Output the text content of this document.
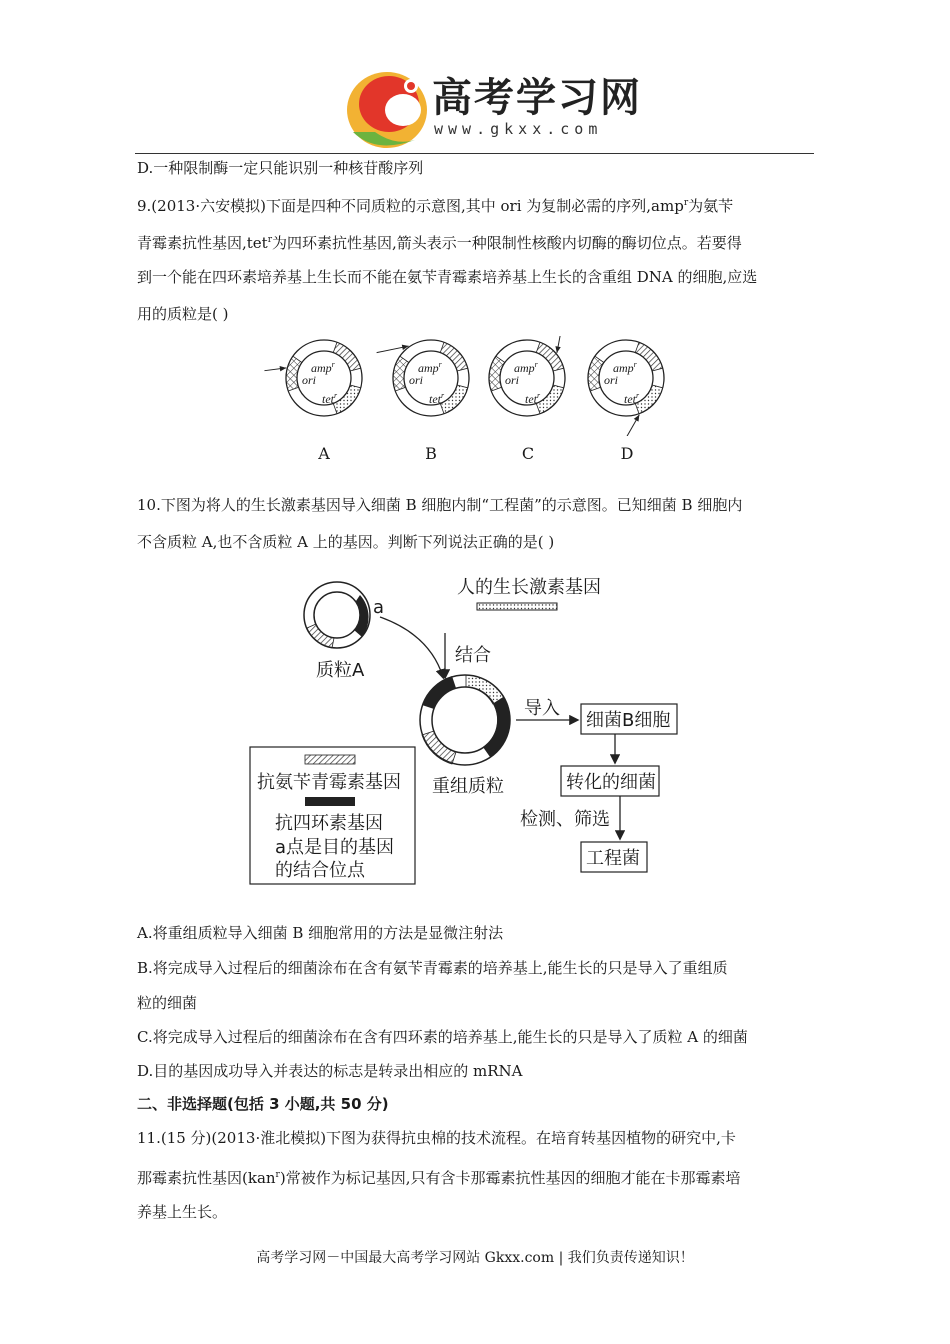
高考学习网
www.gkxx.com
D.一种限制酶一定只能识别一种核苷酸序列
9.(2013·六安模拟)下面是四种不同质粒的示意图,其中 ori 为复制必需的序列,amp$^r$为氨苄
青霉素抗性基因,tet$^r$为四环素抗性基因,箭头表示一种限制性核酸内切酶的酶切位点。若要得
到一个能在四环素培养基上生长而不能在氨苄青霉素培养基上生长的含重组 DNA 的细胞,应选
用的质粒是( )
amp$^r$
ori
tet$^r$
amp$^r$
ori
tet$^r$
amp$^r$
ori
tet$^r$
amp$^r$
ori
tet$^r$
A	B	C	D
10.下图为将人的生长激素基因导入细菌 B 细胞内制“工程菌”的示意图。已知细菌 B 细胞内
不含质粒 A,也不含质粒 A 上的基因。判断下列说法正确的是( )
a
质粒A
人的生长激素基因
结合
重组质粒
导入
细菌B细胞
转化的细菌
检测、筛选
工程菌
抗氨苄青霉素基因
抗四环素基因
a点是目的基因
的结合位点
A.将重组质粒导入细菌 B 细胞常用的方法是显微注射法
B.将完成导入过程后的细菌涂布在含有氨苄青霉素的培养基上,能生长的只是导入了重组质
粒的细菌
C.将完成导入过程后的细菌涂布在含有四环素的培养基上,能生长的只是导入了质粒 A 的细菌
D.目的基因成功导入并表达的标志是转录出相应的 mRNA
二、非选择题(包括 3 小题,共 50 分)
11.(15 分)(2013·淮北模拟)下图为获得抗虫棉的技术流程。在培育转基因植物的研究中,卡
那霉素抗性基因(kan$^r$)常被作为标记基因,只有含卡那霉素抗性基因的细胞才能在卡那霉素培
养基上生长。
高考学习网－中国最大高考学习网站 Gkxx.com | 我们负责传递知识！
